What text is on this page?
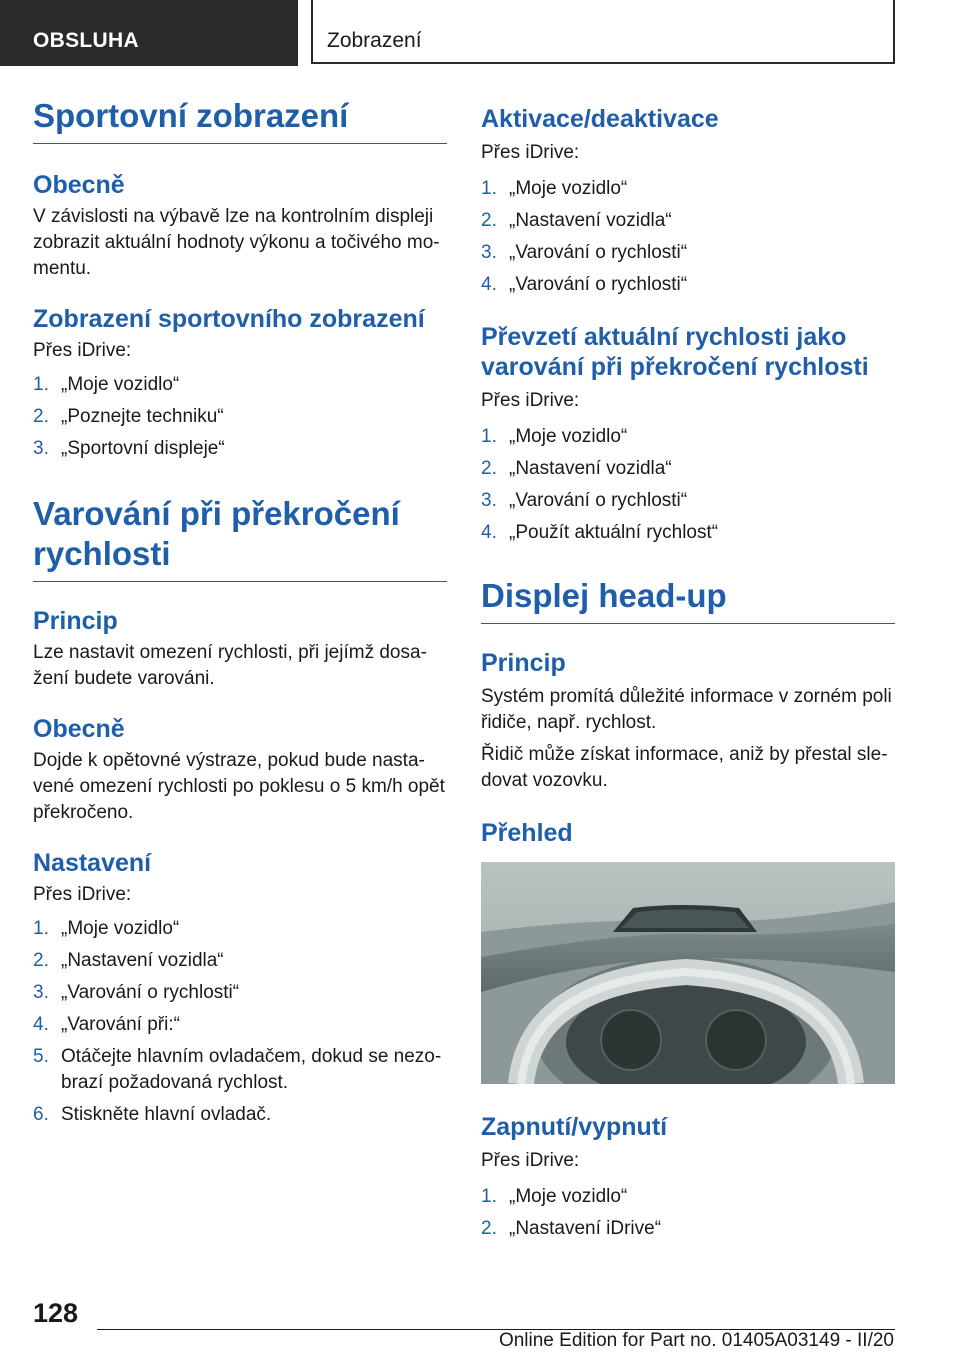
OBSLUHA	Zobrazení
Sportovní zobrazení
Obecně

V závislosti na výbavě lze na kontrolním displeji zobrazit aktuální hodnoty výkonu a točivého momentu.

Zobrazení sportovního zobrazení

Přes iDrive:

1. „Moje vozidlo“
2. „Poznejte techniku“
3. „Sportovní displeje“
Varování při překročení rychlosti
Princip

Lze nastavit omezení rychlosti, při jejímž dosažení budete varováni.

Obecně

Dojde k opětovné výstraze, pokud bude nastavené omezení rychlosti po poklesu o 5 km/h opět překročeno.

Nastavení

Přes iDrive:

1. „Moje vozidlo“
2. „Nastavení vozidla“
3. „Varování o rychlosti“
4. „Varování při:“
5. Otáčejte hlavním ovladačem, dokud se nezobrazí požadovaná rychlost.
6. Stiskněte hlavní ovladač.
Aktivace/deaktivace

Přes iDrive:

1. „Moje vozidlo“
2. „Nastavení vozidla“
3. „Varování o rychlosti“
4. „Varování o rychlosti“
Převzetí aktuální rychlosti jako varování při překročení rychlosti

Přes iDrive:

1. „Moje vozidlo“
2. „Nastavení vozidla“
3. „Varování o rychlosti“
4. „Použít aktuální rychlost“
Displej head-up
Princip

Systém promítá důležité informace v zorném poli řidiče, např. rychlost.

Řidič může získat informace, aniž by přestal sledovat vozovku.

Přehled
Zapnutí/vypnutí

Přes iDrive:

1. „Moje vozidlo“
2. „Nastavení iDrive“
128
Online Edition for Part no. 01405A03149 - II/20
